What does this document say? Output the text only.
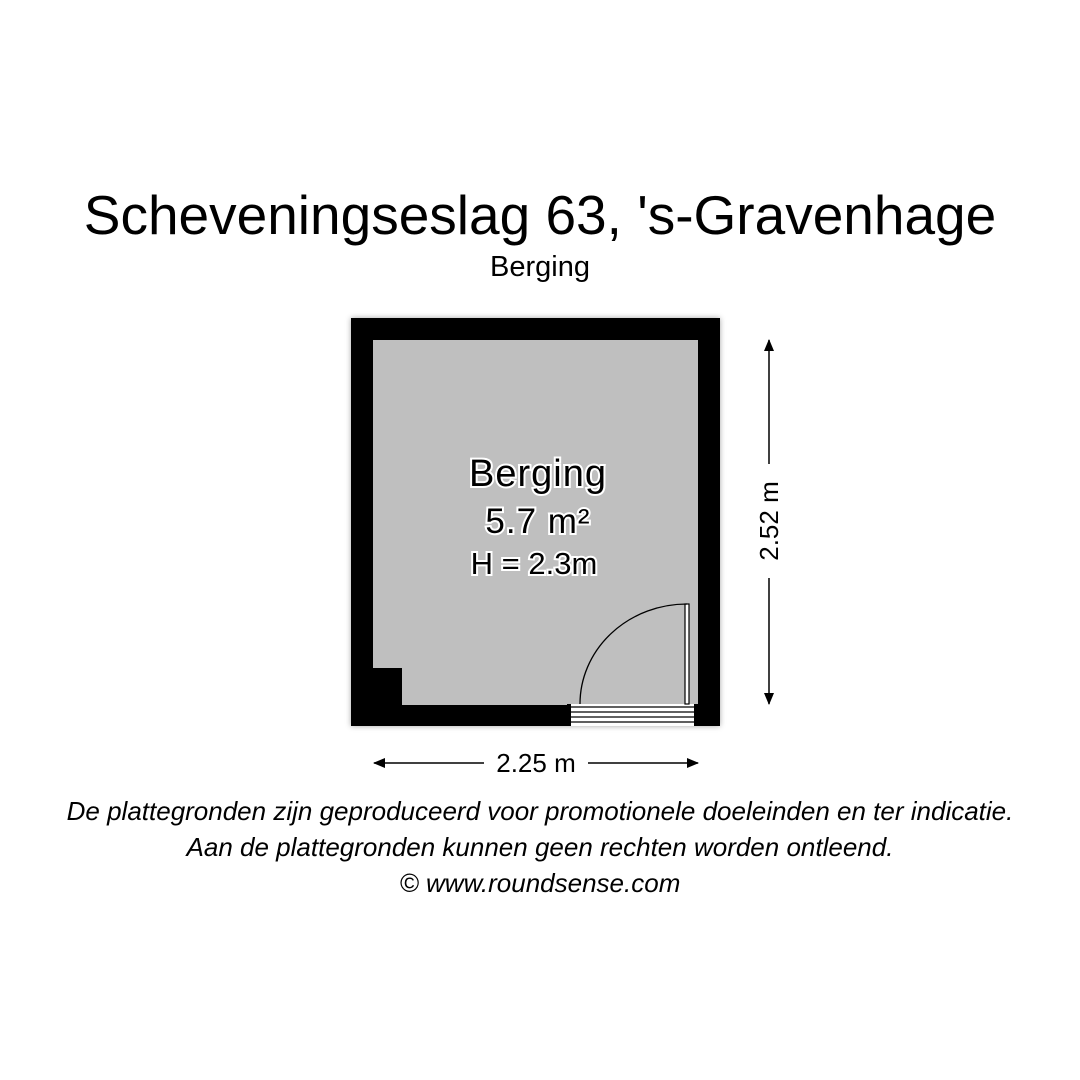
Scheveningseslag 63, 's-Gravenhage
Berging
Berging
5.7 m²
H = 2.3m
2.25 m
2.52 m
De plattegronden zijn geproduceerd voor promotionele doeleinden en ter indicatie.
Aan de plattegronden kunnen geen rechten worden ontleend.
© www.roundsense.com
